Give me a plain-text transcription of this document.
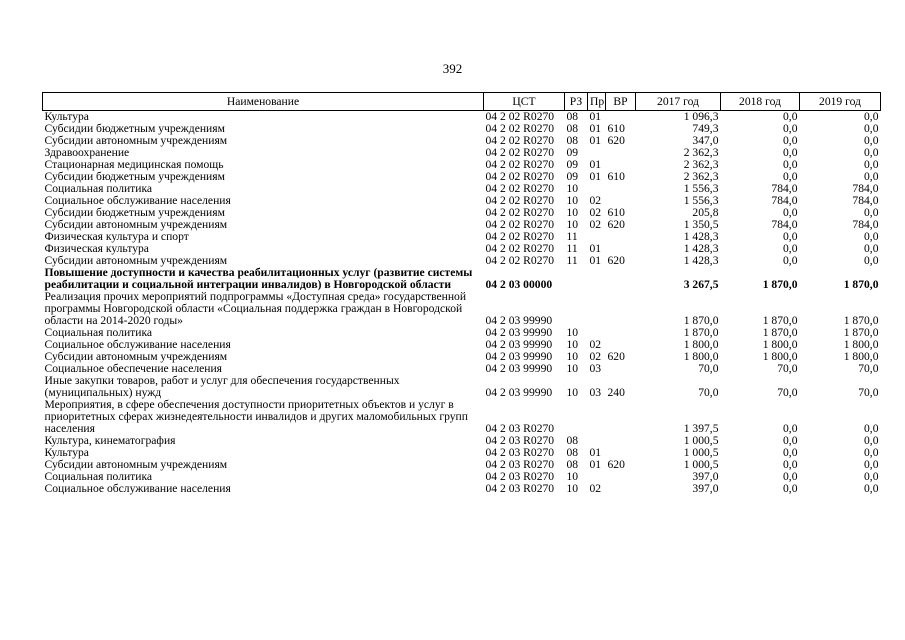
392
Наименование	ЦСТ	РЗ	Пр	ВР	2017 год	2018 год	2019 год
Культура	04 2 02 R0270	08	01		1 096,3	0,0	0,0
Субсидии бюджетным учреждениям	04 2 02 R0270	08	01	610	749,3	0,0	0,0
Субсидии автономным учреждениям	04 2 02 R0270	08	01	620	347,0	0,0	0,0
Здравоохранение	04 2 02 R0270	09			2 362,3	0,0	0,0
Стационарная медицинская помощь	04 2 02 R0270	09	01		2 362,3	0,0	0,0
Субсидии бюджетным учреждениям	04 2 02 R0270	09	01	610	2 362,3	0,0	0,0
Социальная политика	04 2 02 R0270	10			1 556,3	784,0	784,0
Социальное обслуживание населения	04 2 02 R0270	10	02		1 556,3	784,0	784,0
Субсидии бюджетным учреждениям	04 2 02 R0270	10	02	610	205,8	0,0	0,0
Субсидии автономным учреждениям	04 2 02 R0270	10	02	620	1 350,5	784,0	784,0
Физическая культура и спорт	04 2 02 R0270	11			1 428,3	0,0	0,0
Физическая культура	04 2 02 R0270	11	01		1 428,3	0,0	0,0
Субсидии автономным учреждениям	04 2 02 R0270	11	01	620	1 428,3	0,0	0,0
Повышение доступности и качества реабилитационных услуг (развитие системы реабилитации и социальной интеграции инвалидов) в Новгородской области	04 2 03 00000				3 267,5	1 870,0	1 870,0
Реализация прочих мероприятий подпрограммы «Доступная среда» государственной программы Новгородской области «Социальная поддержка граждан в Новгородской области на 2014-2020 годы»	04 2 03 99990				1 870,0	1 870,0	1 870,0
Социальная политика	04 2 03 99990	10			1 870,0	1 870,0	1 870,0
Социальное обслуживание населения	04 2 03 99990	10	02		1 800,0	1 800,0	1 800,0
Субсидии автономным учреждениям	04 2 03 99990	10	02	620	1 800,0	1 800,0	1 800,0
Социальное обеспечение населения	04 2 03 99990	10	03		70,0	70,0	70,0
Иные закупки товаров, работ и услуг для обеспечения государственных (муниципальных) нужд	04 2 03 99990	10	03	240	70,0	70,0	70,0
Мероприятия, в сфере обеспечения доступности приоритетных объектов и услуг в приоритетных сферах жизнедеятельности инвалидов и других маломобильных групп населения	04 2 03 R0270				1 397,5	0,0	0,0
Культура, кинематография	04 2 03 R0270	08			1 000,5	0,0	0,0
Культура	04 2 03 R0270	08	01		1 000,5	0,0	0,0
Субсидии автономным учреждениям	04 2 03 R0270	08	01	620	1 000,5	0,0	0,0
Социальная политика	04 2 03 R0270	10			397,0	0,0	0,0
Социальное обслуживание населения	04 2 03 R0270	10	02		397,0	0,0	0,0
